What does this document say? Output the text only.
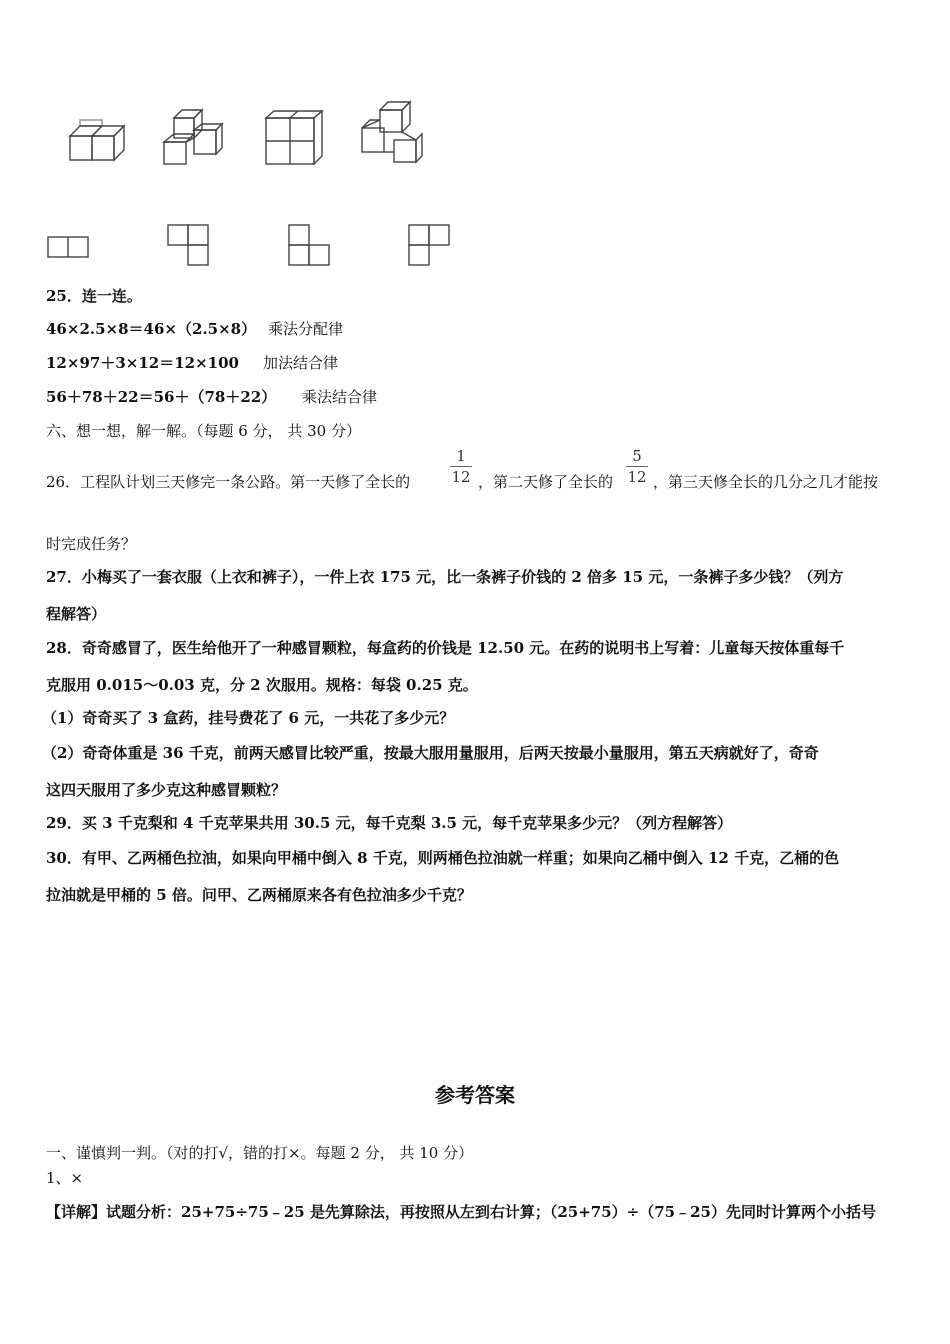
25．连一连。
46×2.5×8＝46×（2.5×8） 乘法分配律
12×97＋3×12＝12×100 加法结合律
56＋78＋22＝56＋（78＋22） 乘法结合律
六、想一想，解一解。（每题 6 分， 共 30 分）
26．工程队计划三天修完一条公路。第一天修了全长的
1
12 ，第二天修了全长的
5
12 ，第三天修全长的几分之几才能按
时完成任务？
27．小梅买了一套衣服（上衣和裤子），一件上衣 175 元，比一条裤子价钱的 2 倍多 15 元，一条裤子多少钱？（列方
程解答）
28．奇奇感冒了，医生给他开了一种感冒颗粒，每盒药的价钱是 12.50 元。在药的说明书上写着：儿童每天按体重每千
克服用 0.015～0.03 克，分 2 次服用。规格：每袋 0.25 克。
（1）奇奇买了 3 盒药，挂号费花了 6 元，一共花了多少元？
（2）奇奇体重是 36 千克，前两天感冒比较严重，按最大服用量服用，后两天按最小量服用，第五天病就好了，奇奇
这四天服用了多少克这种感冒颗粒？
29．买 3 千克梨和 4 千克苹果共用 30.5 元，每千克梨 3.5 元，每千克苹果多少元？（列方程解答）
30．有甲、乙两桶色拉油，如果向甲桶中倒入 8 千克，则两桶色拉油就一样重；如果向乙桶中倒入 12 千克，乙桶的色
拉油就是甲桶的 5 倍。问甲、乙两桶原来各有色拉油多少千克？
参考答案
一、谨慎判一判。（对的打√，错的打×。每题 2 分， 共 10 分）
1、×
【详解】试题分析：25+75÷75﹣25 是先算除法，再按照从左到右计算；（25+75）÷（75﹣25）先同时计算两个小括号
